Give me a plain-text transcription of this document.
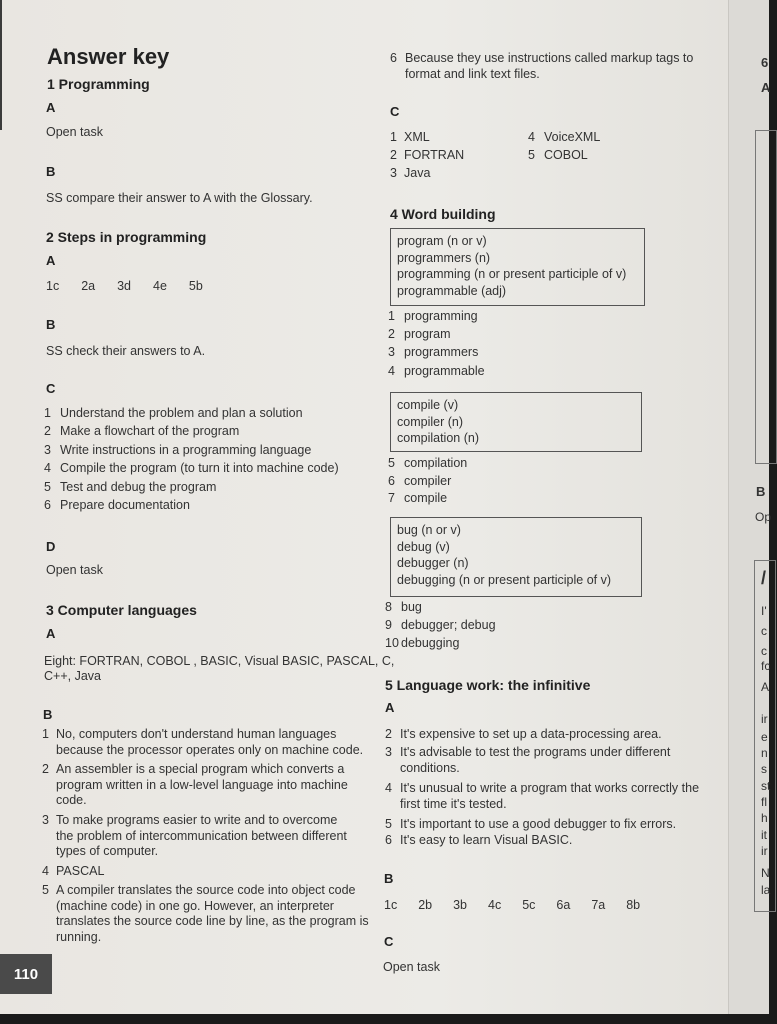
Answer key
1 Programming
A
Open task
B
SS compare their answer to A with the Glossary.
2 Steps in programming
A
1c 2a 3d 4e 5b
B
SS check their answers to A.
C
1 Understand the problem and plan a solution
2 Make a flowchart of the program
3 Write instructions in a programming language
4 Compile the program (to turn it into machine code)
5 Test and debug the program
6 Prepare documentation
D
Open task
3 Computer languages
A
Eight: FORTRAN, COBOL , BASIC, Visual BASIC, PASCAL, C,
C++, Java
B
1 No, computers don't understand human languages
because the processor operates only on machine code.
2 An assembler is a special program which converts a
program written in a low-level language into machine
code.
3 To make programs easier to write and to overcome
the problem of intercommunication between different
types of computer.
4 PASCAL
5 A compiler translates the source code into object code
(machine code) in one go. However, an interpreter
translates the source code line by line, as the program is
running.
110
6 Because they use instructions called markup tags to
format and link text files.
C
1 XML
2 FORTRAN
3 Java
4 VoiceXML
5 COBOL
4 Word building
program (n or v)
programmers (n)
programming (n or present participle of v)
programmable (adj)
1 programming
2 program
3 programmers
4 programmable
compile (v)
compiler (n)
compilation (n)
5 compilation
6 compiler
7 compile
bug (n or v)
debug (v)
debugger (n)
debugging (n or present participle of v)
8 bug
9 debugger; debug
10 debugging
5 Language work: the infinitive
A
2 It's expensive to set up a data-processing area.
3 It's advisable to test the programs under different
conditions.
4 It's unusual to write a program that works correctly the
first time it's tested.
5 It's important to use a good debugger to fix errors.
6 It's easy to learn Visual BASIC.
B
1c 2b 3b 4c 5c 6a 7a 8b
C
Open task
6
A
B
Op
/
I'
c
c
fc
A
ir
e
n
s
st
fl
h
it
ir
N
la
